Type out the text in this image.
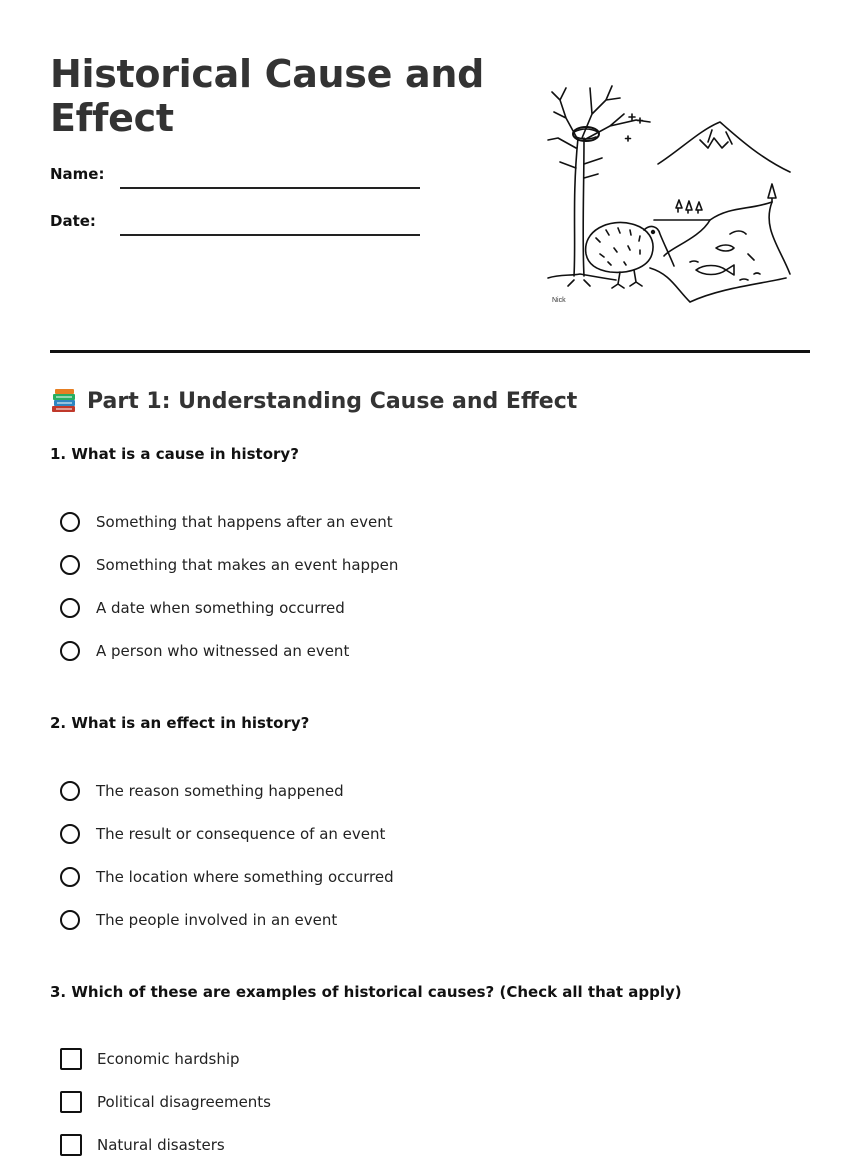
Historical Cause and Effect
Name:
Date:
Nick
Part 1: Understanding Cause and Effect

1. What is a cause in history?

Something that happens after an event
Something that makes an event happen
A date when something occurred
A person who witnessed an event

2. What is an effect in history?

The reason something happened
The result or consequence of an event
The location where something occurred
The people involved in an event

3. Which of these are examples of historical causes? (Check all that apply)

Economic hardship
Political disagreements
Natural disasters
